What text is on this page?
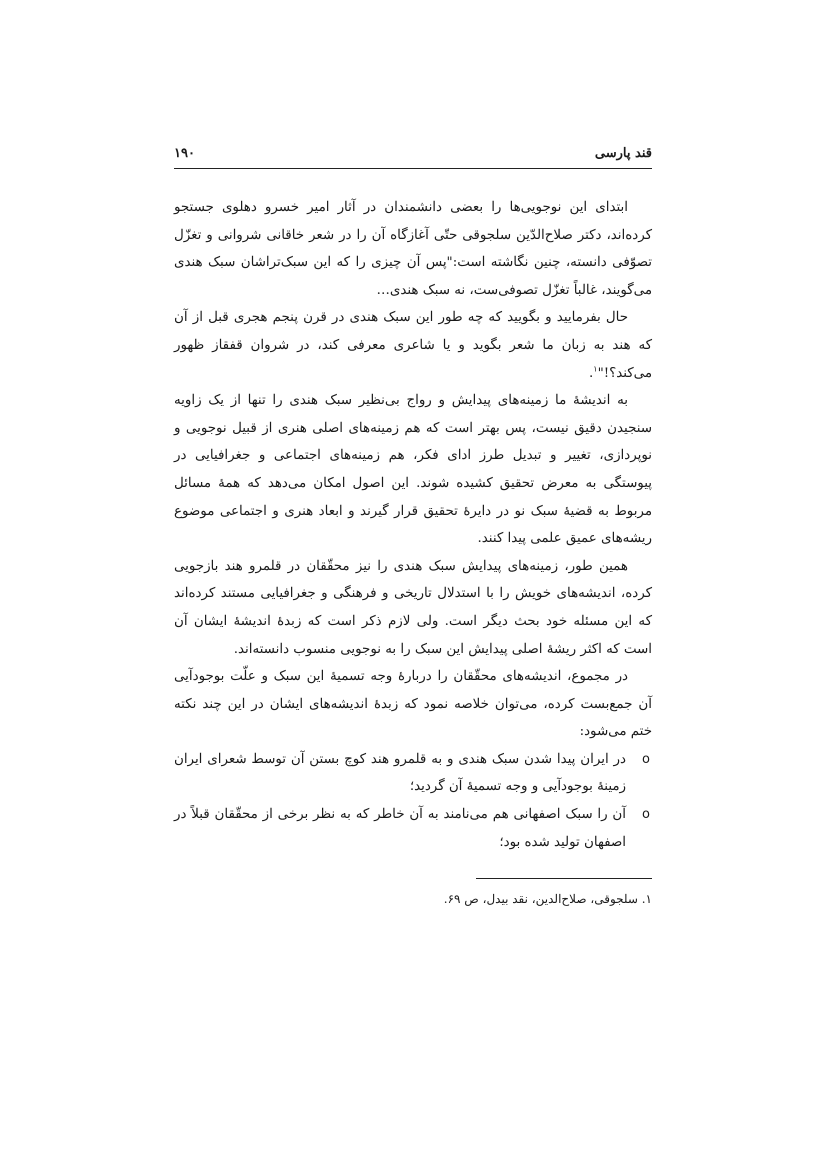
قند پارسی
۱۹۰

ابتدای این نوجویی‌ها را بعضی دانشمندان در آثار امیر خسرو دهلوی جستجو کرده‌اند، دکتر صلاح‌الدّین سلجوقی حتّی آغازگاه آن را در شعر خاقانی شروانی و تغزّل تصوّفی دانسته، چنین نگاشته است:"پس آن چیزی را که این سبک‌تراشان سبک هندی می‌گویند، غالباً تغزّل تصوفی‌ست، نه سبک هندی…

حال بفرمایید و بگویید که چه طور این سبک هندی در قرن پنجم هجری قبل از آن که هند به زبان ما شعر بگوید و یا شاعری معرفی کند، در شروان قفقاز ظهور می‌کند؟!"$^۱$.

به اندیشهٔ ما زمینه‌های پیدایش و رواج بی‌نظیر سبک هندی را تنها از یک زاویه سنجیدن دقیق نیست، پس بهتر است که هم زمینه‌های اصلی هنری از قبیل نوجویی و نوپردازی، تغییر و تبدیل طرز ادای فکر، هم زمینه‌های اجتماعی و جغرافیایی در پیوستگی به معرض تحقیق کشیده شوند. این اصول امکان می‌دهد که همهٔ مسائل مربوط به قضیهٔ سبک نو در دایرهٔ تحقیق قرار گیرند و ابعاد هنری و اجتماعی موضوع ریشه‌های عمیق علمی پیدا کنند.

همین طور، زمینه‌های پیدایش سبک هندی را نیز محقّقان در قلمرو هند بازجویی کرده، اندیشه‌های خویش را با استدلال تاریخی و فرهنگی و جغرافیایی مستند کرده‌اند که این مسئله خود بحث دیگر است. ولی لازم ذکر است که زبدهٔ اندیشهٔ ایشان آن است که اکثر ریشهٔ اصلی پیدایش این سبک را به نوجویی منسوب دانسته‌اند.

در مجموع، اندیشه‌های محقّقان را دربارهٔ وجه تسمیهٔ این سبک و علّت بوجودآیی آن جمع‌بست کرده، می‌توان خلاصه نمود که زبدهٔ اندیشه‌های ایشان در این چند نکته ختم می‌شود:

o
در ایران پیدا شدن سبک هندی و به قلمرو هند کوچ بستن آن توسط شعرای ایران زمینهٔ بوجودآیی و وجه تسمیهٔ آن گردید؛
o
آن را سبک اصفهانی هم می‌نامند به آن خاطر که به نظر برخی از محقّقان قبلاً در اصفهان تولید شده بود؛
۱. سلجوقی، صلاح‌الدین، نقد بیدل، ص ۶۹.
